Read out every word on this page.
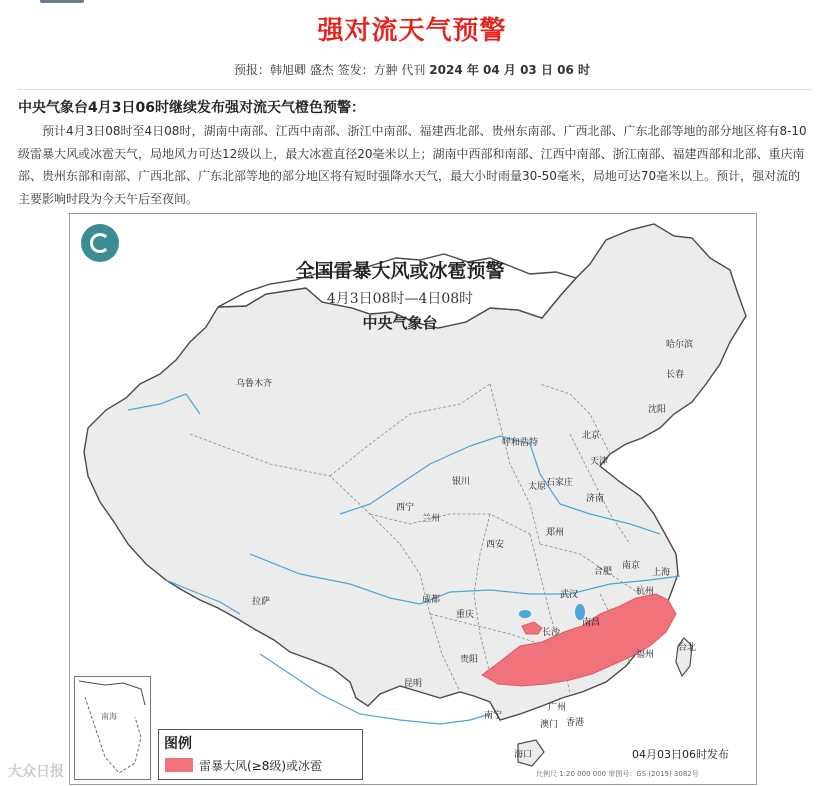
强对流天气预警
预报：韩旭卿 盛杰 签发：方翀 代刊 2024 年 04 月 03 日 06 时
中央气象台4月3日06时继续发布强对流天气橙色预警：

预计4月3日08时至4日08时，湖南中南部、江西中南部、浙江中南部、福建西北部、贵州东南部、广西北部、广东北部等地的部分地区将有8-10级雷暴大风或冰雹天气，局地风力可达12级以上，最大冰雹直径20毫米以上；湖南中西部和南部、江西中南部、浙江南部、福建西部和北部、重庆南部、贵州东部和南部、广西北部、广东北部等地的部分地区将有短时强降水天气，最大小时雨量30-50毫米，局地可达70毫米以上。预计，强对流的主要影响时段为今天午后至夜间。

全国雷暴大风或冰雹预警
4月3日08时—4日08时
中央气象台
哈尔滨
长春
沈阳
北京
天津
石家庄
太原
济南
呼和浩特
乌鲁木齐
银川
西宁
兰州
西安
郑州
合肥
南京
上海
杭州
武汉
南昌
长沙
福州
台北
成都
重庆
贵阳
昆明
拉萨
南宁
广州
香港
澳门
海口
南海
图例
雷暴大风(≥8级)或冰雹
04月03日06时发布
比例尺 1:20 000 000 审图号：GS (2019) 3082号
大众日报
